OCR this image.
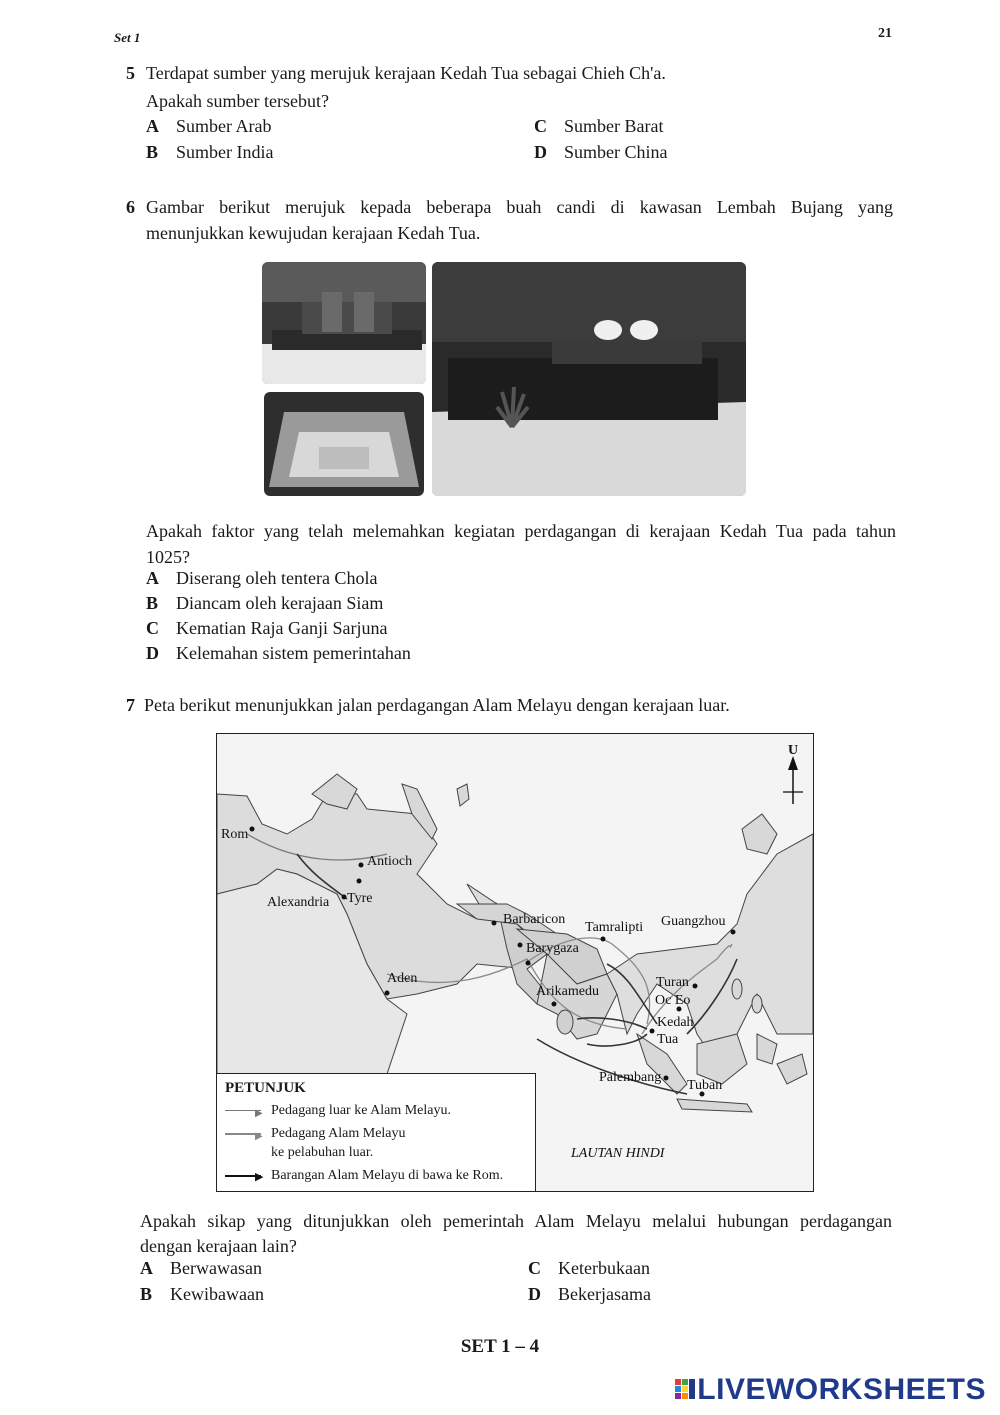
Set 1	21
5 Terdapat sumber yang merujuk kerajaan Kedah Tua sebagai Chieh Ch'a.
Apakah sumber tersebut?
A Sumber Arab
B Sumber India
C Sumber Barat
D Sumber China
6 Gambar berikut merujuk kepada beberapa buah candi di kawasan Lembah Bujang yang
menunjukkan kewujudan kerajaan Kedah Tua.
Apakah faktor yang telah melemahkan kegiatan perdagangan di kerajaan Kedah Tua pada tahun
1025?
A Diserang oleh tentera Chola
B Diancam oleh kerajaan Siam
C Kematian Raja Ganji Sarjuna
D Kelemahan sistem pemerintahan
7 Peta berikut menunjukkan jalan perdagangan Alam Melayu dengan kerajaan luar.
U
Rom
Antioch
Alexandria Tyre
Barbaricon
Barygaza
Tamralipti Guangzhou
Aden
Arikamedu
Turan
Oc Eo
Kedah
Tua
Palembang
Tuban
LAUTAN HINDI
PETUNJUK
▶ Pedagang luar ke Alam Melayu.
▶ Pedagang Alam Melayu
ke pelabuhan luar.
▶ Barangan Alam Melayu di bawa ke Rom.
Apakah sikap yang ditunjukkan oleh pemerintah Alam Melayu melalui hubungan perdagangan
dengan kerajaan lain?
A Berwawasan
B Kewibawaan
C Keterbukaan
D Bekerjasama
SET 1 – 4
LIVEWORKSHEETS
